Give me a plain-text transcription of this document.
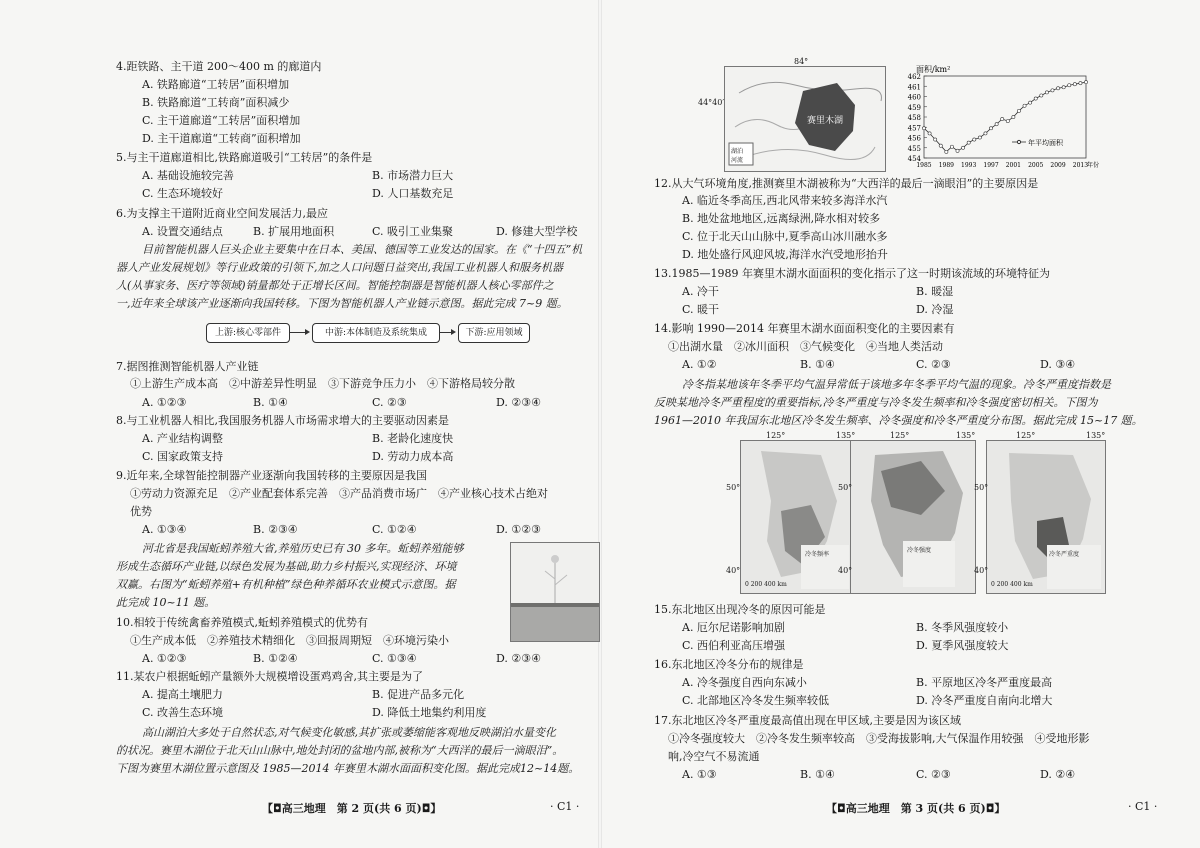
4.距铁路、主干道 200～400 m 的廊道内
A. 铁路廊道“工转居”面积增加
B. 铁路廊道“工转商”面积减少
C. 主干道廊道“工转居”面积增加
D. 主干道廊道“工转商”面积增加
5.与主干道廊道相比,铁路廊道吸引“工转居”的条件是
A. 基础设施较完善	B. 市场潜力巨大
C. 生态环境较好	D. 人口基数充足
6.为支撑主干道附近商业空间发展活力,最应
A. 设置交通结点	B. 扩展用地面积	C. 吸引工业集聚	D. 修建大型学校
目前智能机器人巨头企业主要集中在日本、美国、德国等工业发达的国家。在《“十四五”机
器人产业发展规划》等行业政策的引领下,加之人口问题日益突出,我国工业机器人和服务机器
人(从事家务、医疗等领域)销量都处于正增长区间。智能控制器是智能机器人核心零部件之
一,近年来全球该产业逐渐向我国转移。下图为智能机器人产业链示意图。据此完成 7~9 题。
上游:核心零部件	中游:本体制造及系统集成	下游:应用领域
7.据图推测智能机器人产业链
①上游生产成本高　②中游差异性明显　③下游竞争压力小　④下游格局较分散
A. ①②③	B. ①④	C. ②③	D. ②③④
8.与工业机器人相比,我国服务机器人市场需求增大的主要驱动因素是
A. 产业结构调整	B. 老龄化速度快
C. 国家政策支持	D. 劳动力成本高
9.近年来,全球智能控制器产业逐渐向我国转移的主要原因是我国
①劳动力资源充足　②产业配套体系完善　③产品消费市场广　④产业核心技术占绝对
优势
A. ①③④	B. ②③④	C. ①②④	D. ①②③
河北省是我国蚯蚓养殖大省,养殖历史已有 30 多年。蚯蚓养殖能够
形成生态循环产业链,以绿色发展为基础,助力乡村振兴,实现经济、环境
双赢。右图为“蚯蚓养殖+有机种植”绿色种养循环农业模式示意图。据
此完成 10~11 题。
10.相较于传统禽畜养殖模式,蚯蚓养殖模式的优势有
①生产成本低　②养殖技术精细化　③回报周期短　④环境污染小
A. ①②③	B. ①②④	C. ①③④	D. ②③④
11.某农户根据蚯蚓产量额外大规模增设蛋鸡鸡舍,其主要是为了
A. 提高土壤肥力	B. 促进产品多元化
C. 改善生态环境	D. 降低土地集约利用度
高山湖泊大多处于自然状态,对气候变化敏感,其扩张或萎缩能客观地反映湖泊水量变化
的状况。赛里木湖位于北天山山脉中,地处封闭的盆地内部,被称为“大西洋的最后一滴眼泪”。
下图为赛里木湖位置示意图及 1985—2014 年赛里木湖水面面积变化图。据此完成12~14题。
【◘高三地理　第 2 页(共 6 页)◘】	· C1 ·
赛里木湖
湖泊
河流
84°
44°40′
面积/km²
462
461
460
459
458
457
456
455
454
1985 1989 1993 1997 2001 2005 2009 2013
年份
年平均面积
12.从大气环境角度,推测赛里木湖被称为“大西洋的最后一滴眼泪”的主要原因是
A. 临近冬季高压,西北风带来较多海洋水汽
B. 地处盆地地区,远离绿洲,降水相对较多
C. 位于北天山山脉中,夏季高山冰川融水多
D. 地处盛行风迎风坡,海洋水汽受地形抬升
13.1985—1989 年赛里木湖水面面积的变化指示了这一时期该流域的环境特征为
A. 冷干	B. 暖湿
C. 暖干	D. 冷湿
14.影响 1990—2014 年赛里木湖水面面积变化的主要因素有
①出湖水量　②冰川面积　③气候变化　④当地人类活动
A. ①②	B. ①④	C. ②③	D. ③④
冷冬指某地该年冬季平均气温异常低于该地多年冬季平均气温的现象。冷冬严重度指数是
反映某地冷冬严重程度的重要指标,冷冬严重度与冷冬发生频率和冷冬强度密切相关。下图为
1961—2010 年我国东北地区冷冬发生频率、冷冬强度和冷冬严重度分布图。据此完成 15~17 题。
冷冬频率
0 200 400 km
125°	135°
50°
40°
冷冬强度
125°	135°
50°
40°
冷冬严重度
0 200 400 km
125°	135°
50°
40°
15.东北地区出现冷冬的原因可能是
A. 厄尔尼诺影响加剧	B. 冬季风强度较小
C. 西伯利亚高压增强	D. 夏季风强度较大
16.东北地区冷冬分布的规律是
A. 冷冬强度自西向东减小	B. 平原地区冷冬严重度最高
C. 北部地区冷冬发生频率较低	D. 冷冬严重度自南向北增大
17.东北地区冷冬严重度最高值出现在甲区域,主要是因为该区域
①冷冬强度较大　②冷冬发生频率较高　③受海拔影响,大气保温作用较强　④受地形影
响,冷空气不易流通
A. ①③	B. ①④	C. ②③	D. ②④
【◘高三地理　第 3 页(共 6 页)◘】	· C1 ·
